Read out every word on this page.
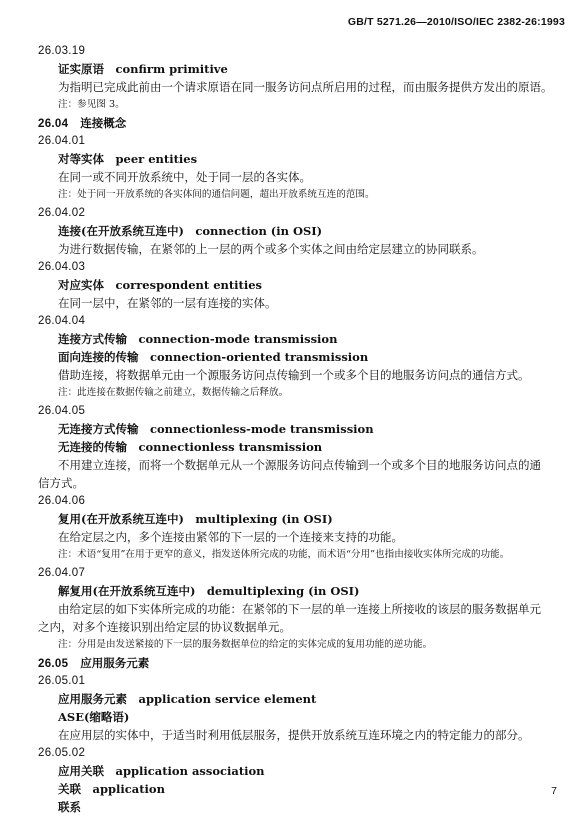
GB/T 5271.26—2010/ISO/IEC 2382-26:1993
26.03.19
证实原语　confirm primitive
为指明已完成此前由一个请求原语在同一服务访问点所启用的过程，而由服务提供方发出的原语。
注：参见图 3。
26.04 连接概念
26.04.01
对等实体　peer entities
在同一或不同开放系统中，处于同一层的各实体。
注：处于同一开放系统的各实体间的通信问题，超出开放系统互连的范围。
26.04.02
连接(在开放系统互连中)　connection (in OSI)
为进行数据传输，在紧邻的上一层的两个或多个实体之间由给定层建立的协同联系。
26.04.03
对应实体　correspondent entities
在同一层中，在紧邻的一层有连接的实体。
26.04.04
连接方式传输　connection-mode transmission
面向连接的传输　connection-oriented transmission
借助连接，将数据单元由一个源服务访问点传输到一个或多个目的地服务访问点的通信方式。
注：此连接在数据传输之前建立，数据传输之后释放。
26.04.05
无连接方式传输　connectionless-mode transmission
无连接的传输　connectionless transmission
不用建立连接，而将一个数据单元从一个源服务访问点传输到一个或多个目的地服务访问点的通
信方式。
26.04.06
复用(在开放系统互连中)　multiplexing (in OSI)
在给定层之内，多个连接由紧邻的下一层的一个连接来支持的功能。
注：术语“复用”在用于更窄的意义，指发送体所完成的功能，而术语“分用”也指由接收实体所完成的功能。
26.04.07
解复用(在开放系统互连中)　demultiplexing (in OSI)
由给定层的如下实体所完成的功能：在紧邻的下一层的单一连接上所接收的该层的服务数据单元
之内，对多个连接识别出给定层的协议数据单元。
注：分用是由发送紧接的下一层的服务数据单位的给定的实体完成的复用功能的逆功能。
26.05 应用服务元素
26.05.01
应用服务元素　application service element
ASE(缩略语)
在应用层的实体中，于适当时利用低层服务，提供开放系统互连环境之内的特定能力的部分。
26.05.02
应用关联　application association
关联　application
联系
7
